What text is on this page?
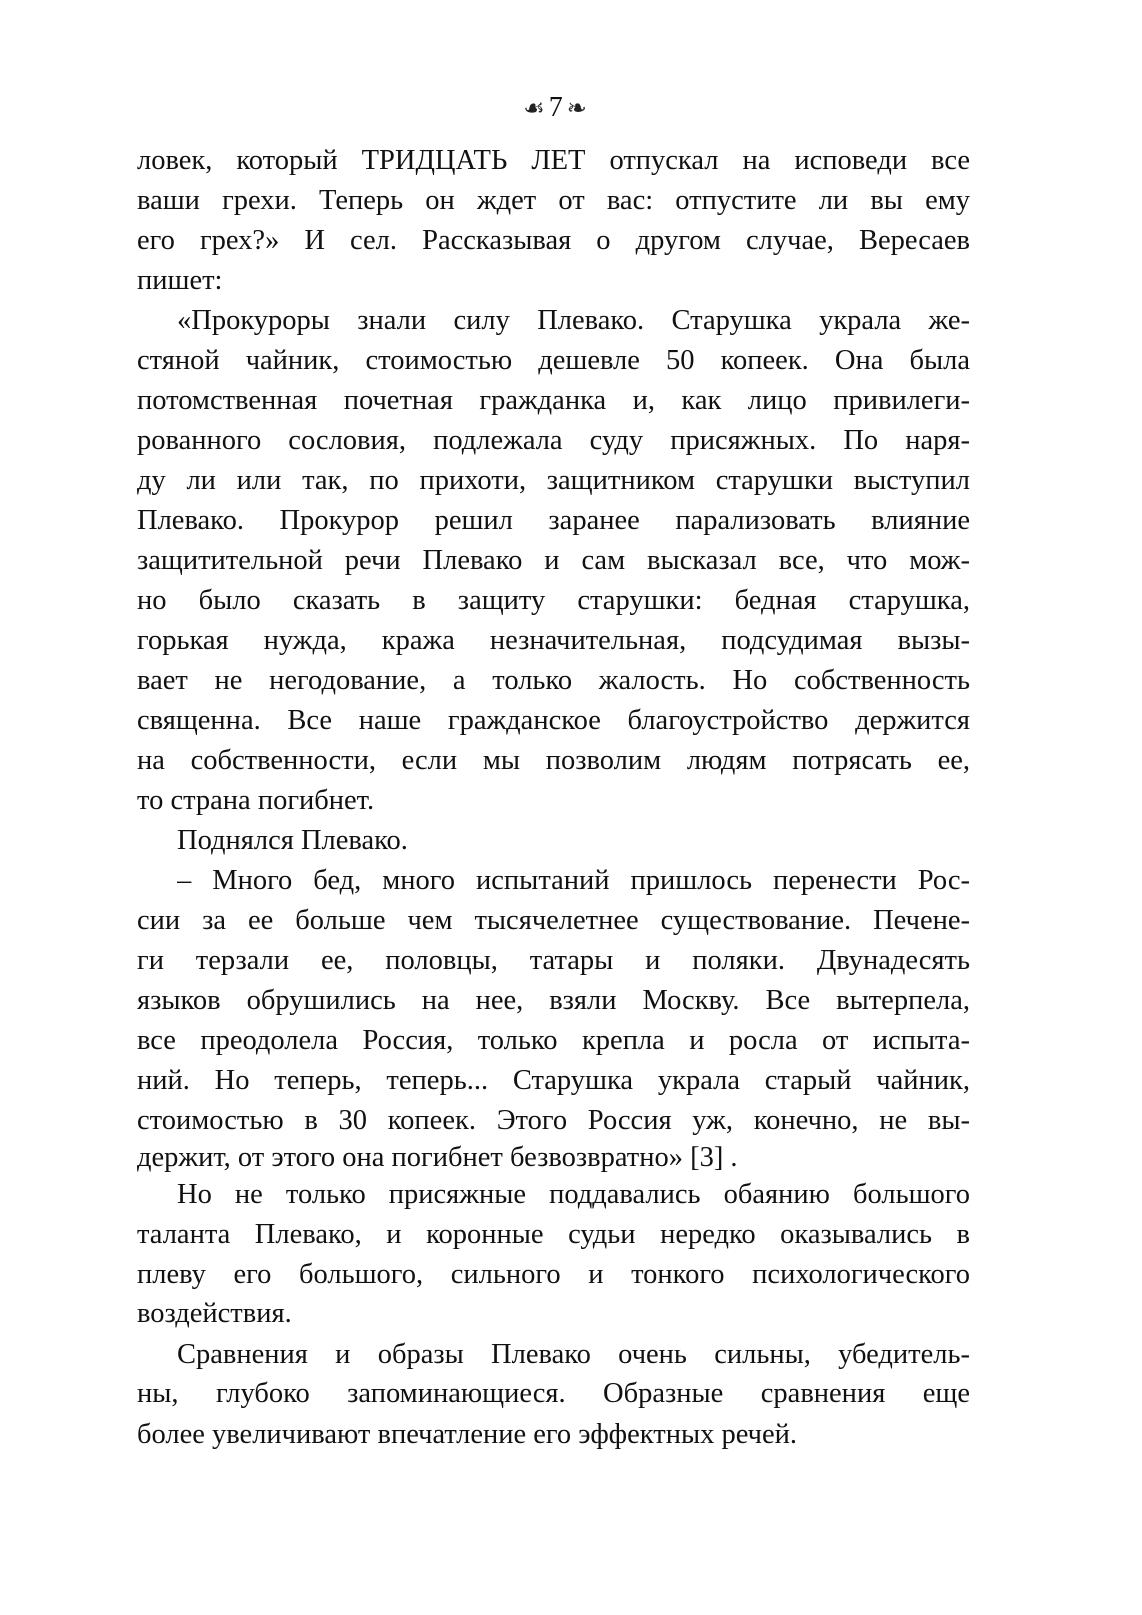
☙ 7 ❧
ловек, который ТРИДЦАТЬ ЛЕТ отпускал на исповеди все
ваши грехи. Теперь он ждет от вас: отпустите ли вы ему
его грех?» И сел. Рассказывая о другом случае, Вересаев
пишет:
«Прокуроры знали силу Плевако. Старушка украла же-
стяной чайник, стоимостью дешевле 50 копеек. Она была
потомственная почетная гражданка и, как лицо привилеги-
рованного сословия, подлежала суду присяжных. По наря-
ду ли или так, по прихоти, защитником старушки выступил
Плевако. Прокурор решил заранее парализовать влияние
защитительной речи Плевако и сам высказал все, что мож-
но было сказать в защиту старушки: бедная старушка,
горькая нужда, кража незначительная, подсудимая вызы-
вает не негодование, а только жалость. Но собственность
священна. Все наше гражданское благоустройство держится
на собственности, если мы позволим людям потрясать ее,
то страна погибнет.
Поднялся Плевако.
– Много бед, много испытаний пришлось перенести Рос-
сии за ее больше чем тысячелетнее существование. Печене-
ги терзали ее, половцы, татары и поляки. Двунадесять
языков обрушились на нее, взяли Москву. Все вытерпела,
все преодолела Россия, только крепла и росла от испыта-
ний. Но теперь, теперь... Старушка украла старый чайник,
стоимостью в 30 копеек. Этого Россия уж, конечно, не вы-
держит, от этого она погибнет безвозвратно» [3] .
Но не только присяжные поддавались обаянию большого
таланта Плевако, и коронные судьи нередко оказывались в
плеву его большого, сильного и тонкого психологического
воздействия.
Сравнения и образы Плевако очень сильны, убедитель-
ны, глубоко запоминающиеся. Образные сравнения еще
более увеличивают впечатление его эффектных речей.
